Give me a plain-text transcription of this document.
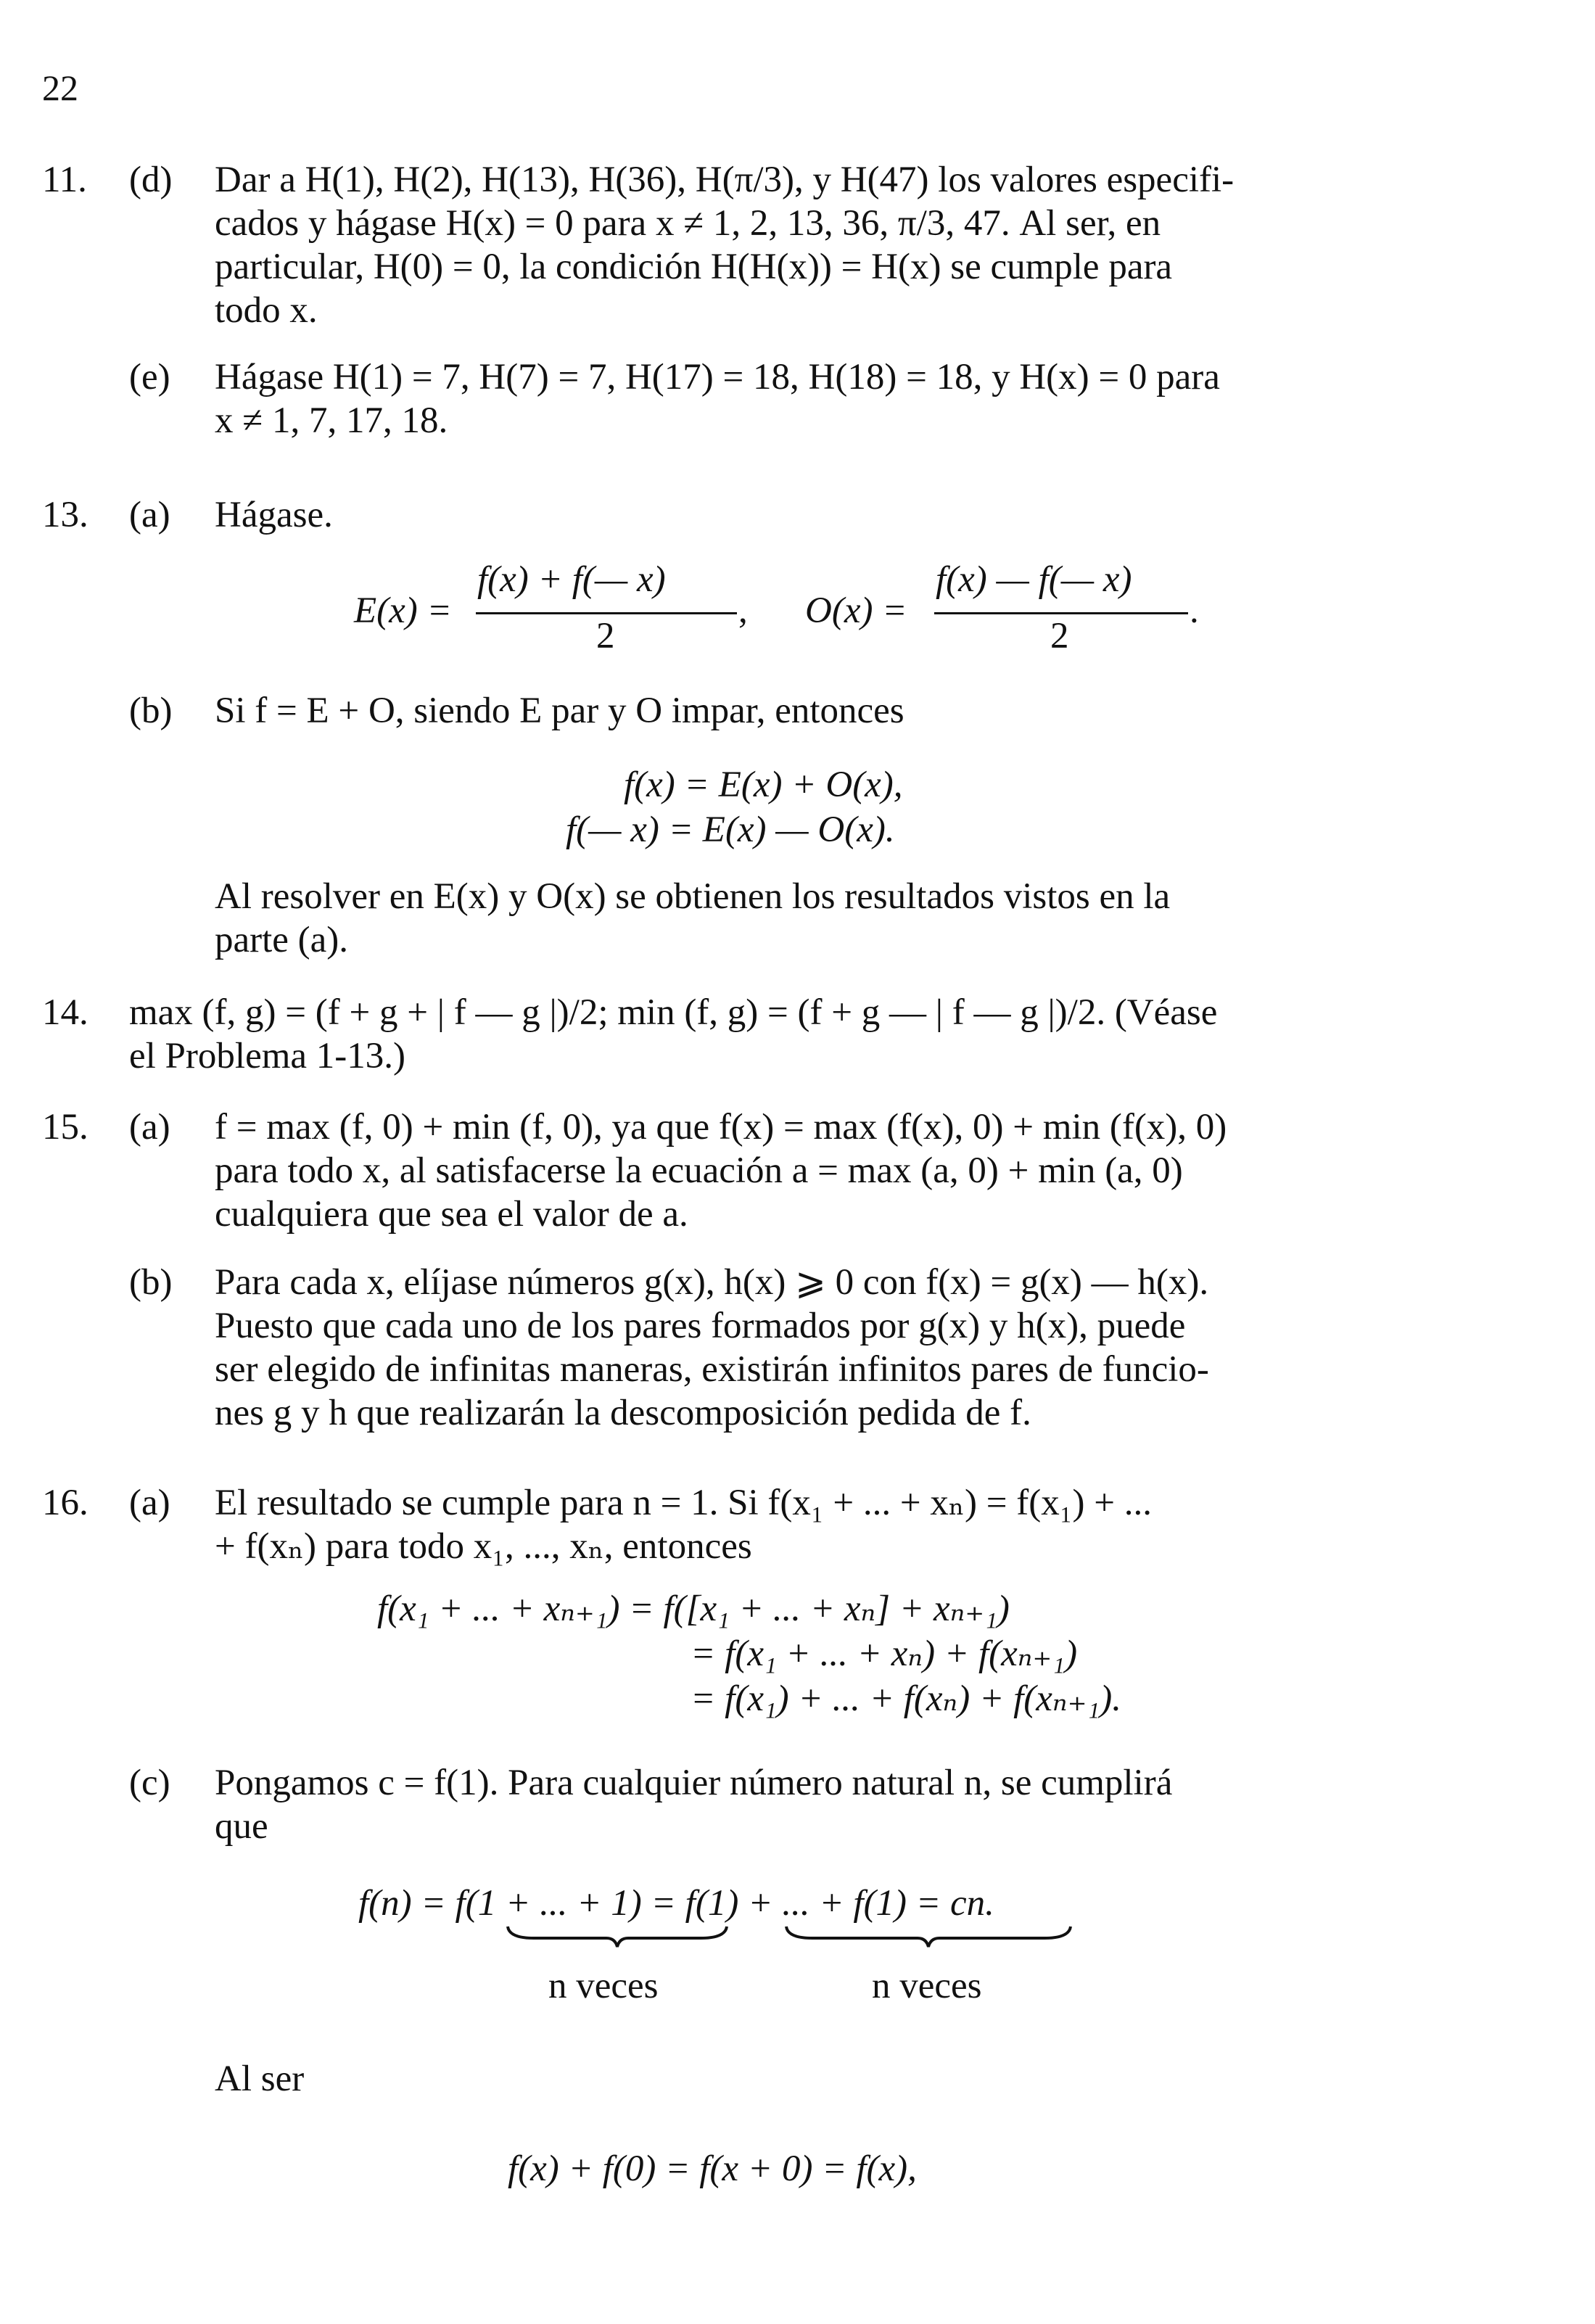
22
11. (d) Dar a H(1), H(2), H(13), H(36), H(π/3), y H(47) los valores especifi-
cados y hágase H(x) = 0 para x ≠ 1, 2, 13, 36, π/3, 47. Al ser, en
particular, H(0) = 0, la condición H(H(x)) = H(x) se cumple para
todo x.
(e) Hágase H(1) = 7, H(7) = 7, H(17) = 18, H(18) = 18, y H(x) = 0 para
x ≠ 1, 7, 17, 18.
13. (a) Hágase.
E(x) =
f(x) + f(— x)
2
, O(x) =
f(x) — f(— x)
2
.
(b) Si f = E + O, siendo E par y O impar, entonces
f(x) = E(x) + O(x),
f(— x) = E(x) — O(x).
Al resolver en E(x) y O(x) se obtienen los resultados vistos en la
parte (a).
14. max (f, g) = (f + g + | f — g |)/2; min (f, g) = (f + g — | f — g |)/2. (Véase
el Problema 1-13.)
15. (a) f = max (f, 0) + min (f, 0), ya que f(x) = max (f(x), 0) + min (f(x), 0)
para todo x, al satisfacerse la ecuación a = max (a, 0) + min (a, 0)
cualquiera que sea el valor de a.
(b) Para cada x, elíjase números g(x), h(x) ⩾ 0 con f(x) = g(x) — h(x).
Puesto que cada uno de los pares formados por g(x) y h(x), puede
ser elegido de infinitas maneras, existirán infinitos pares de funcio-
nes g y h que realizarán la descomposición pedida de f.
16. (a) El resultado se cumple para n = 1. Si f(x₁ + ... + xₙ) = f(x₁) + ...
+ f(xₙ) para todo x₁, ..., xₙ, entonces
f(x₁ + ... + xₙ₊₁) = f([x₁ + ... + xₙ] + xₙ₊₁)
= f(x₁ + ... + xₙ) + f(xₙ₊₁)
= f(x₁) + ... + f(xₙ) + f(xₙ₊₁).
(c) Pongamos c = f(1). Para cualquier número natural n, se cumplirá
que
f(n) = f(1 + ... + 1) = f(1) + ... + f(1) = cn.
n veces	n veces
Al ser
f(x) + f(0) = f(x + 0) = f(x),
